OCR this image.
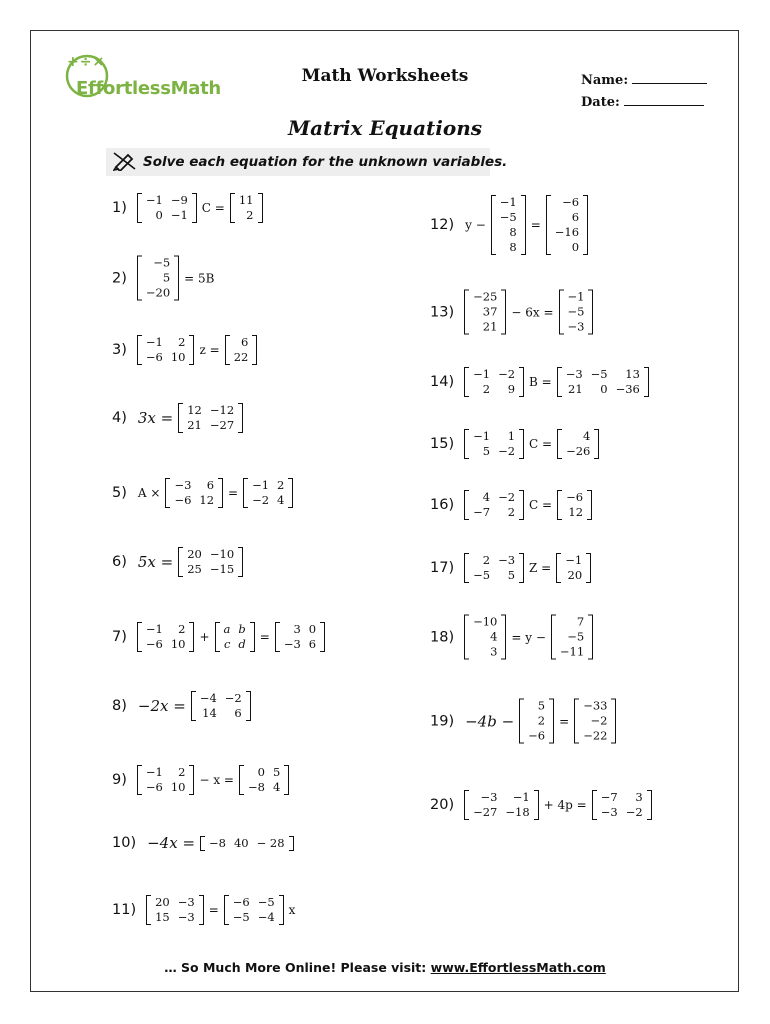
+÷×
EffortlessMath
Math Worksheets	Name:
Date:
Matrix Equations
Solve each equation for the unknown variables.
1) −1	−9
0	−1 C =
11
2
2)
−5
5
−20
= 5B
3) −1	2
−6	10 z =
6
22
4) 3x = 12	−12
21	−27
5) A ×
−3	6
−6	12 =
−1	2
−2	4
6) 5x = 20	−10
25	−15
7) −1	2
−6	10 +
a	b
c	d =
3	0
−3	6
8) −2x = −4	−2
14	6
9) −1	2
−6	10 − x =
0	5
−8	4
10) −4x = −8	40	− 28
11) 20	−3
15	−3 =
−6	−5
−5	−4 x
12) y −
−1
−5
8
8
=
−6
6
−16
0
13)
−25
37
21
− 6x =
−1
−5
−3
14) −1	−2
2	9 B =
−3	−5	13
21	0	−36
15) −1	1
5	−2 C =
4
−26
16) 4	−2
−7	2 C =
−6
12
17) 2	−3
−5	5 Z =
−1
20
18)
−10
4
3
= y −
7
−5
−11
19) −4b −
5
2
−6
=
−33
−2
−22
20) −3	−1
−27	−18 + 4p =
−7	3
−3	−2
… So Much More Online! Please visit: www.EffortlessMath.com
